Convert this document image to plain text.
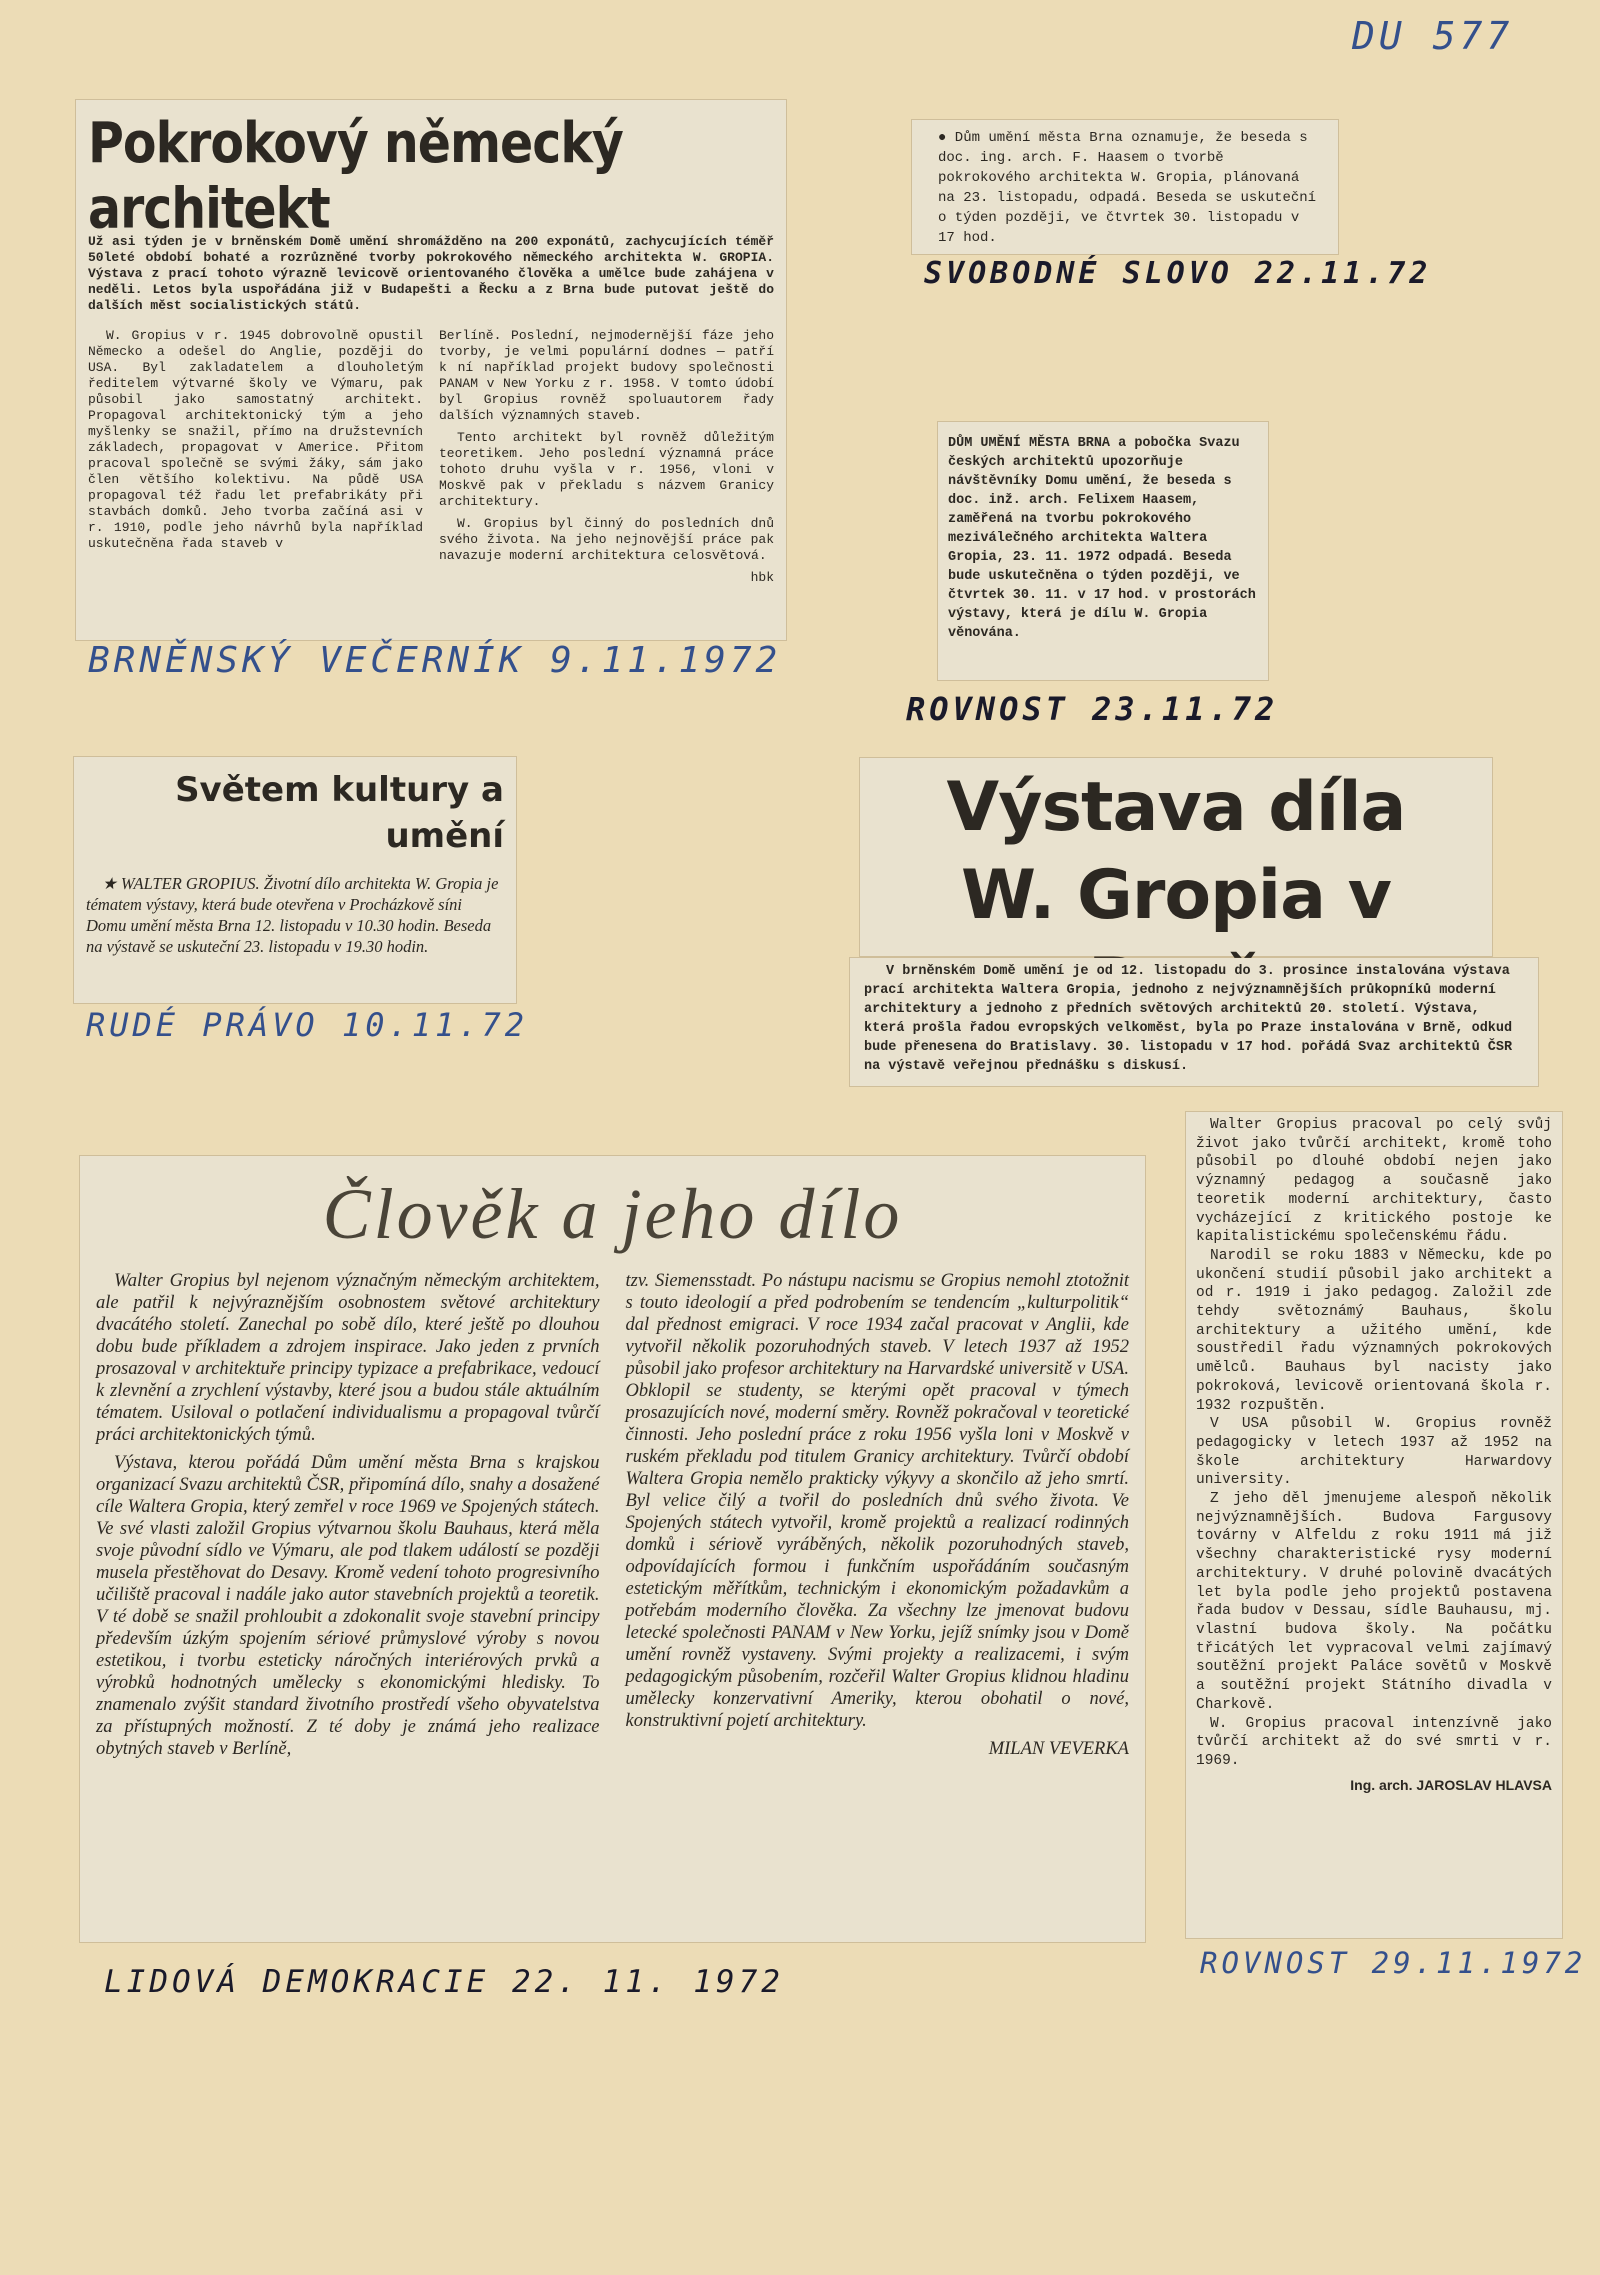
DU 577
Pokrokový německý architekt

Už asi týden je v brněnském Domě umění shromážděno na 200 exponátů, zachycujících téměř 50leté období bohaté a rozrůzněné tvorby pokrokového německého architekta W. GROPIA. Výstava z prací tohoto výrazně levicově orientovaného člověka a umělce bude zahájena v neděli. Letos byla uspořádána již v Budapešti a Řecku a z Brna bude putovat ještě do dalších měst socialistických států.

W. Gropius v r. 1945 dobrovolně opustil Německo a odešel do Anglie, později do USA. Byl zakladatelem a dlouholetým ředitelem výtvarné školy ve Výmaru, pak působil jako samostatný architekt. Propagoval architektonický tým a jeho myšlenky se snažil, přímo na družstevních základech, propagovat v Americe. Přitom pracoval společně se svými žáky, sám jako člen většího kolektivu. Na půdě USA propagoval též řadu let prefabrikáty při stavbách domků. Jeho tvorba začíná asi v r. 1910, podle jeho návrhů byla například uskutečněna řada staveb v

Berlíně. Poslední, nejmodernější fáze jeho tvorby, je velmi populární dodnes — patří k ní například projekt budovy společnosti PANAM v New Yorku z r. 1958. V tomto údobí byl Gropius rovněž spoluautorem řady dalších významných staveb.

Tento architekt byl rovněž důležitým teoretikem. Jeho poslední významná práce tohoto druhu vyšla v r. 1956, vloni v Moskvě pak v překladu s názvem Granicy architektury.

W. Gropius byl činný do posledních dnů svého života. Na jeho nejnovější práce pak navazuje moderní architektura celosvětová.

hbk
BRNĚNSKÝ VEČERNÍK 9.11.1972

● Dům umění města Brna oznamuje, že beseda s doc. ing. arch. F. Haasem o tvorbě pokrokového architekta W. Gropia, plánovaná na 23. listopadu, odpadá. Beseda se uskuteční o týden později, ve čtvrtek 30. listopadu v 17 hod.

SVOBODNÉ SLOVO 22.11.72

DŮM UMĚNÍ MĚSTA BRNA a pobočka Svazu českých architektů upozorňuje návštěvníky Domu umění, že beseda s doc. inž. arch. Felixem Haasem, zaměřená na tvorbu pokrokového meziválečného architekta Waltera Gropia, 23. 11. 1972 odpadá. Beseda bude uskutečněna o týden později, ve čtvrtek 30. 11. v 17 hod. v prostorách výstavy, která je dílu W. Gropia věnována.

ROVNOST 23.11.72
Světem kultury a umění

★ WALTER GROPIUS. Životní dílo architekta W. Gropia je tématem výstavy, která bude otevřena v Procházkově síni Domu umění města Brna 12. listopadu v 10.30 hodin. Beseda na výstavě se uskuteční 23. listopadu v 19.30 hodin.

RUDÉ PRÁVO 10.11.72
Výstava díla
W. Gropia v

V brněnském Domě umění je od 12. listopadu do 3. prosince instalována výstava prací architekta Waltera Gropia, jednoho z nejvýznamnějších průkopníků moderní architektury a jednoho z předních světových architektů 20. století. Výstava, která prošla řadou evropských velkoměst, byla po Praze instalována v Brně, odkud bude přenesena do Bratislavy. 30. listopadu v 17 hod. pořádá Svaz architektů ČSR na výstavě veřejnou přednášku s diskusí.

Člověk a jeho dílo

Walter Gropius byl nejenom význačným německým architektem, ale patřil k nejvýraznějším osobnostem světové architektury dvacátého století. Zanechal po sobě dílo, které ještě po dlouhou dobu bude příkladem a zdrojem inspirace. Jako jeden z prvních prosazoval v architektuře principy typizace a prefabrikace, vedoucí k zlevnění a zrychlení výstavby, které jsou a budou stále aktuálním tématem. Usiloval o potlačení individualismu a propagoval tvůrčí práci architektonických týmů.

Výstava, kterou pořádá Dům umění města Brna s krajskou organizací Svazu architektů ČSR, připomíná dílo, snahy a dosažené cíle Waltera Gropia, který zemřel v roce 1969 ve Spojených státech. Ve své vlasti založil Gropius výtvarnou školu Bauhaus, která měla svoje původní sídlo ve Výmaru, ale pod tlakem událostí se později musela přestěhovat do Desavy. Kromě vedení tohoto progresivního učiliště pracoval i nadále jako autor stavebních projektů a teoretik. V té době se snažil prohloubit a zdokonalit svoje stavební principy především úzkým spojením sériové průmyslové výroby s novou estetikou, i tvorbu esteticky náročných interiérových prvků a výrobků hodnotných umělecky s ekonomickými hledisky. To znamenalo zvýšit standard životního prostředí všeho obyvatelstva za přístupných možností. Z té doby je známá jeho realizace obytných staveb v Berlíně,

tzv. Siemensstadt. Po nástupu nacismu se Gropius nemohl ztotožnit s touto ideologií a před podrobením se tendencím „kulturpolitik“ dal přednost emigraci. V roce 1934 začal pracovat v Anglii, kde vytvořil několik pozoruhodných staveb. V letech 1937 až 1952 působil jako profesor architektury na Harvardské universitě v USA. Obklopil se studenty, se kterými opět pracoval v týmech prosazujících nové, moderní směry. Rovněž pokračoval v teoretické činnosti. Jeho poslední práce z roku 1956 vyšla loni v Moskvě v ruském překladu pod titulem Granicy architektury. Tvůrčí období Waltera Gropia nemělo prakticky výkyvy a skončilo až jeho smrtí. Byl velice čilý a tvořil do posledních dnů svého života. Ve Spojených státech vytvořil, kromě projektů a realizací rodinných domků i sériově vyráběných, několik pozoruhodných staveb, odpovídajících formou i funkčním uspořádáním současným estetickým měřítkům, technickým i ekonomickým požadavkům a potřebám moderního člověka. Za všechny lze jmenovat budovu letecké společnosti PANAM v New Yorku, jejíž snímky jsou v Domě umění rovněž vystaveny. Svými projekty a realizacemi, i svým pedagogickým působením, rozčeřil Walter Gropius klidnou hladinu umělecky konzervativní Ameriky, kterou obohatil o nové, konstruktivní pojetí architektury.

MILAN VEVERKA
LIDOVÁ DEMOKRACIE 22. 11. 1972

Walter Gropius pracoval po celý svůj život jako tvůrčí architekt, kromě toho působil po dlouhé období nejen jako významný pedagog a současně jako teoretik moderní architektury, často vycházející z kritického postoje ke kapitalistickému společenskému řádu.

Narodil se roku 1883 v Německu, kde po ukončení studií působil jako architekt a od r. 1919 i jako pedagog. Založil zde tehdy světoznámý Bauhaus, školu architektury a užitého umění, kde soustředil řadu významných pokrokových umělců. Bauhaus byl nacisty jako pokroková, levicově orientovaná škola r. 1932 rozpuštěn.

V USA působil W. Gropius rovněž pedagogicky v letech 1937 až 1952 na škole architektury Harwardovy university.

Z jeho děl jmenujeme alespoň několik nejvýznamnějších. Budova Fargusovy továrny v Alfeldu z roku 1911 má již všechny charakteristické rysy moderní architektury. V druhé polovině dvacátých let byla podle jeho projektů postavena řada budov v Dessau, sídle Bauhausu, mj. vlastní budova školy. Na počátku třicátých let vypracoval velmi zajímavý soutěžní projekt Paláce sovětů v Moskvě a soutěžní projekt Státního divadla v Charkově.

W. Gropius pracoval intenzívně jako tvůrčí architekt až do své smrti v r. 1969.

Ing. arch. JAROSLAV HLAVSA
ROVNOST 29.11.1972
